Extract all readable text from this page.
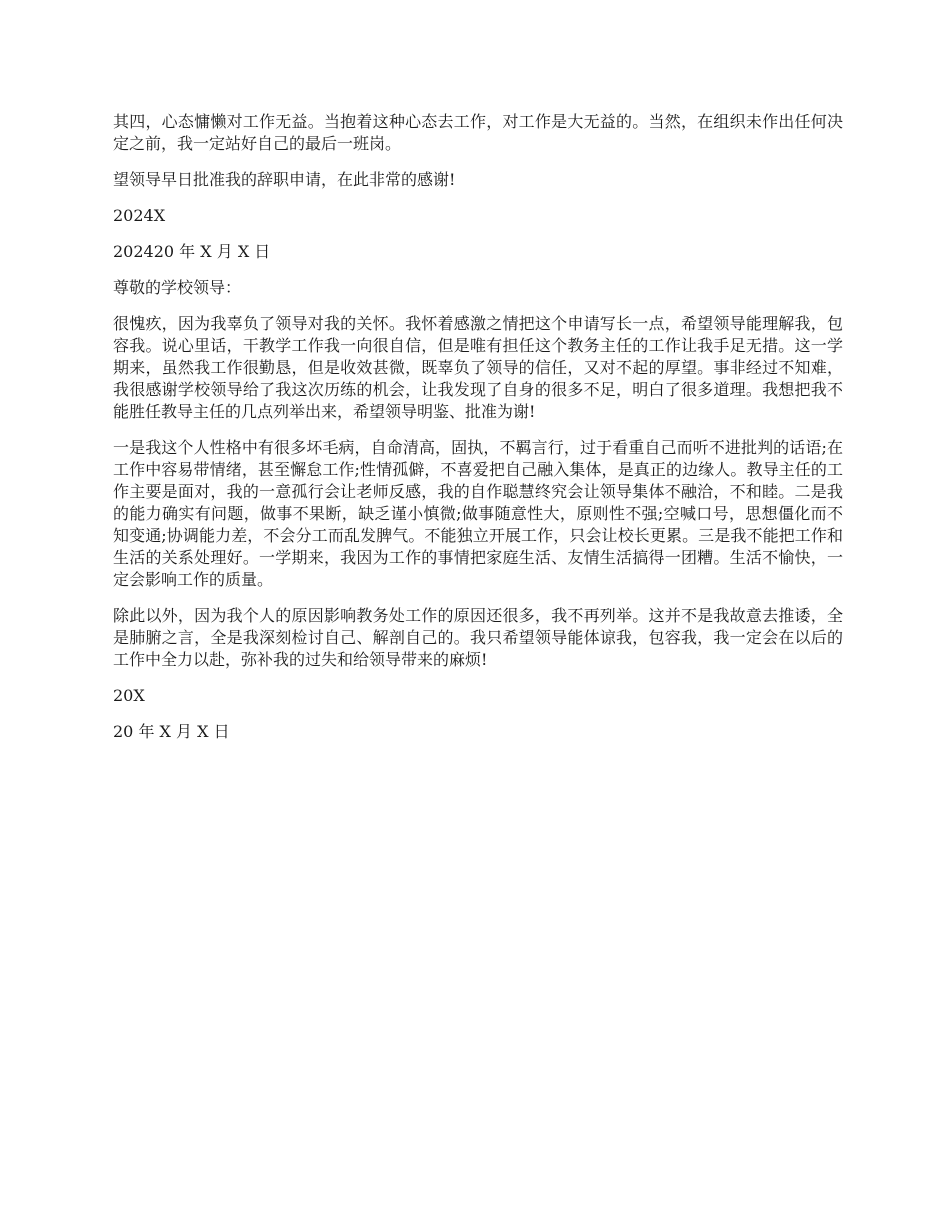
其四，心态慵懒对工作无益。当抱着这种心态去工作，对工作是大无益的。当然，在组织未作出任何决定之前，我一定站好自己的最后一班岗。

望领导早日批准我的辞职申请，在此非常的感谢!

2024X

202420 年 X 月 X 日

尊敬的学校领导：

很愧疚，因为我辜负了领导对我的关怀。我怀着感激之情把这个申请写长一点，希望领导能理解我，包容我。说心里话，干教学工作我一向很自信，但是唯有担任这个教务主任的工作让我手足无措。这一学期来，虽然我工作很勤恳，但是收效甚微，既辜负了领导的信任，又对不起的厚望。事非经过不知难，我很感谢学校领导给了我这次历练的机会，让我发现了自身的很多不足，明白了很多道理。我想把我不能胜任教导主任的几点列举出来，希望领导明鉴、批准为谢!

一是我这个人性格中有很多坏毛病，自命清高，固执，不羁言行，过于看重自己而听不进批判的话语;在工作中容易带情绪，甚至懈怠工作;性情孤僻，不喜爱把自己融入集体，是真正的边缘人。教导主任的工作主要是面对，我的一意孤行会让老师反感，我的自作聪慧终究会让领导集体不融洽，不和睦。二是我的能力确实有问题，做事不果断，缺乏谨小慎微;做事随意性大，原则性不强;空喊口号，思想僵化而不知变通;协调能力差，不会分工而乱发脾气。不能独立开展工作，只会让校长更累。三是我不能把工作和生活的关系处理好。一学期来，我因为工作的事情把家庭生活、友情生活搞得一团糟。生活不愉快，一定会影响工作的质量。

除此以外，因为我个人的原因影响教务处工作的原因还很多，我不再列举。这并不是我故意去推诿，全是肺腑之言，全是我深刻检讨自己、解剖自己的。我只希望领导能体谅我，包容我，我一定会在以后的工作中全力以赴，弥补我的过失和给领导带来的麻烦!

20X

20 年 X 月 X 日
